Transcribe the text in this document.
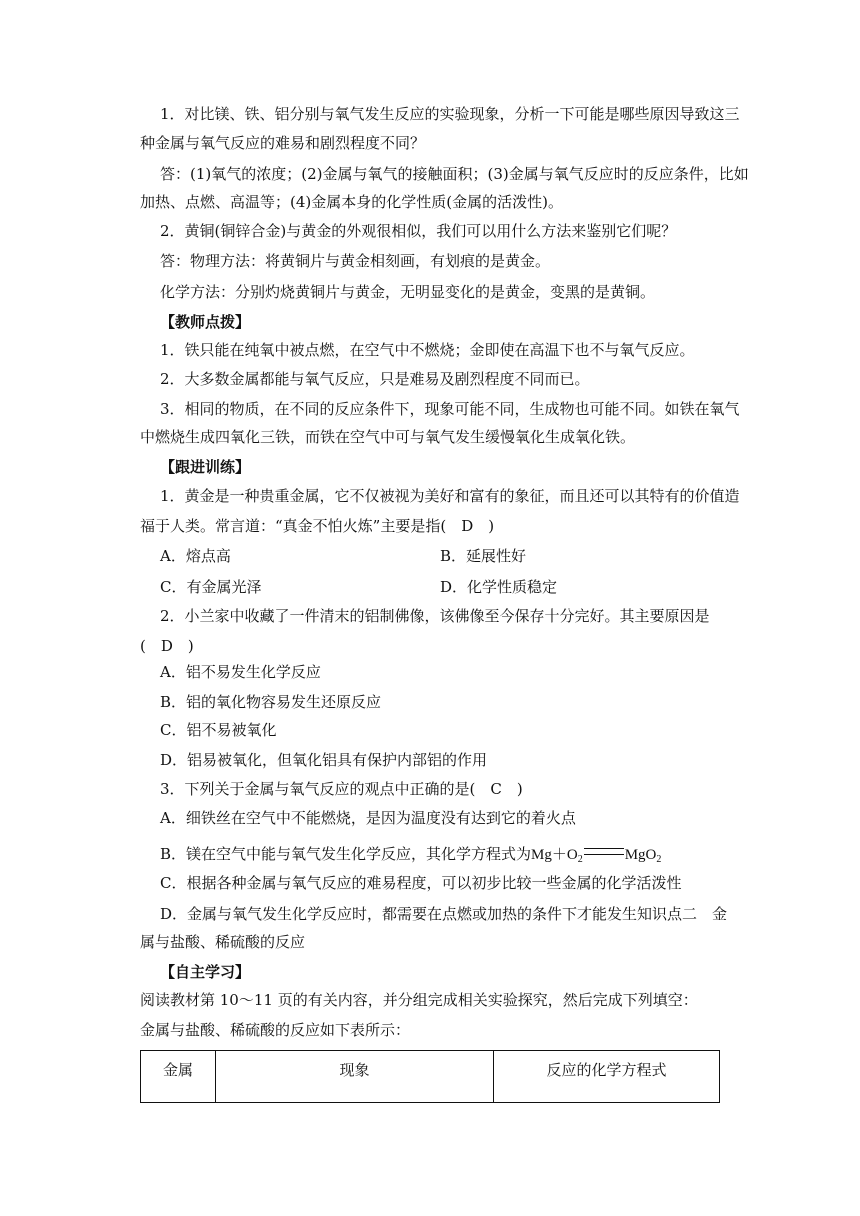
1．对比镁、铁、铝分别与氧气发生反应的实验现象，分析一下可能是哪些原因导致这三
种金属与氧气反应的难易和剧烈程度不同？
答：(1)氧气的浓度；(2)金属与氧气的接触面积；(3)金属与氧气反应时的反应条件，比如
加热、点燃、高温等；(4)金属本身的化学性质(金属的活泼性)。
2．黄铜(铜锌合金)与黄金的外观很相似，我们可以用什么方法来鉴别它们呢？
答：物理方法：将黄铜片与黄金相刻画，有划痕的是黄金。
化学方法：分别灼烧黄铜片与黄金，无明显变化的是黄金，变黑的是黄铜。
【教师点拨】
1．铁只能在纯氧中被点燃，在空气中不燃烧；金即使在高温下也不与氧气反应。
2．大多数金属都能与氧气反应，只是难易及剧烈程度不同而已。
3．相同的物质，在不同的反应条件下，现象可能不同，生成物也可能不同。如铁在氧气
中燃烧生成四氧化三铁，而铁在空气中可与氧气发生缓慢氧化生成氧化铁。
【跟进训练】
1．黄金是一种贵重金属，它不仅被视为美好和富有的象征，而且还可以其特有的价值造
福于人类。常言道：“真金不怕火炼”主要是指(　D　)
A．熔点高	B．延展性好
C．有金属光泽	D．化学性质稳定
2．小兰家中收藏了一件清末的铝制佛像，该佛像至今保存十分完好。其主要原因是
(　D　)
A．铝不易发生化学反应
B．铝的氧化物容易发生还原反应
C．铝不易被氧化
D．铝易被氧化，但氧化铝具有保护内部铝的作用
3．下列关于金属与氧气反应的观点中正确的是(　C　)
A．细铁丝在空气中不能燃烧，是因为温度没有达到它的着火点
B．镁在空气中能与氧气发生化学反应，其化学方程式为$Mg+O_2$	MgO$_2$
C．根据各种金属与氧气反应的难易程度，可以初步比较一些金属的化学活泼性
D．金属与氧气发生化学反应时，都需要在点燃或加热的条件下才能发生知识点二　金
属与盐酸、稀硫酸的反应
【自主学习】
阅读教材第 10～11 页的有关内容，并分组完成相关实验探究，然后完成下列填空：
金属与盐酸、稀硫酸的反应如下表所示：
金属	现象	反应的化学方程式
